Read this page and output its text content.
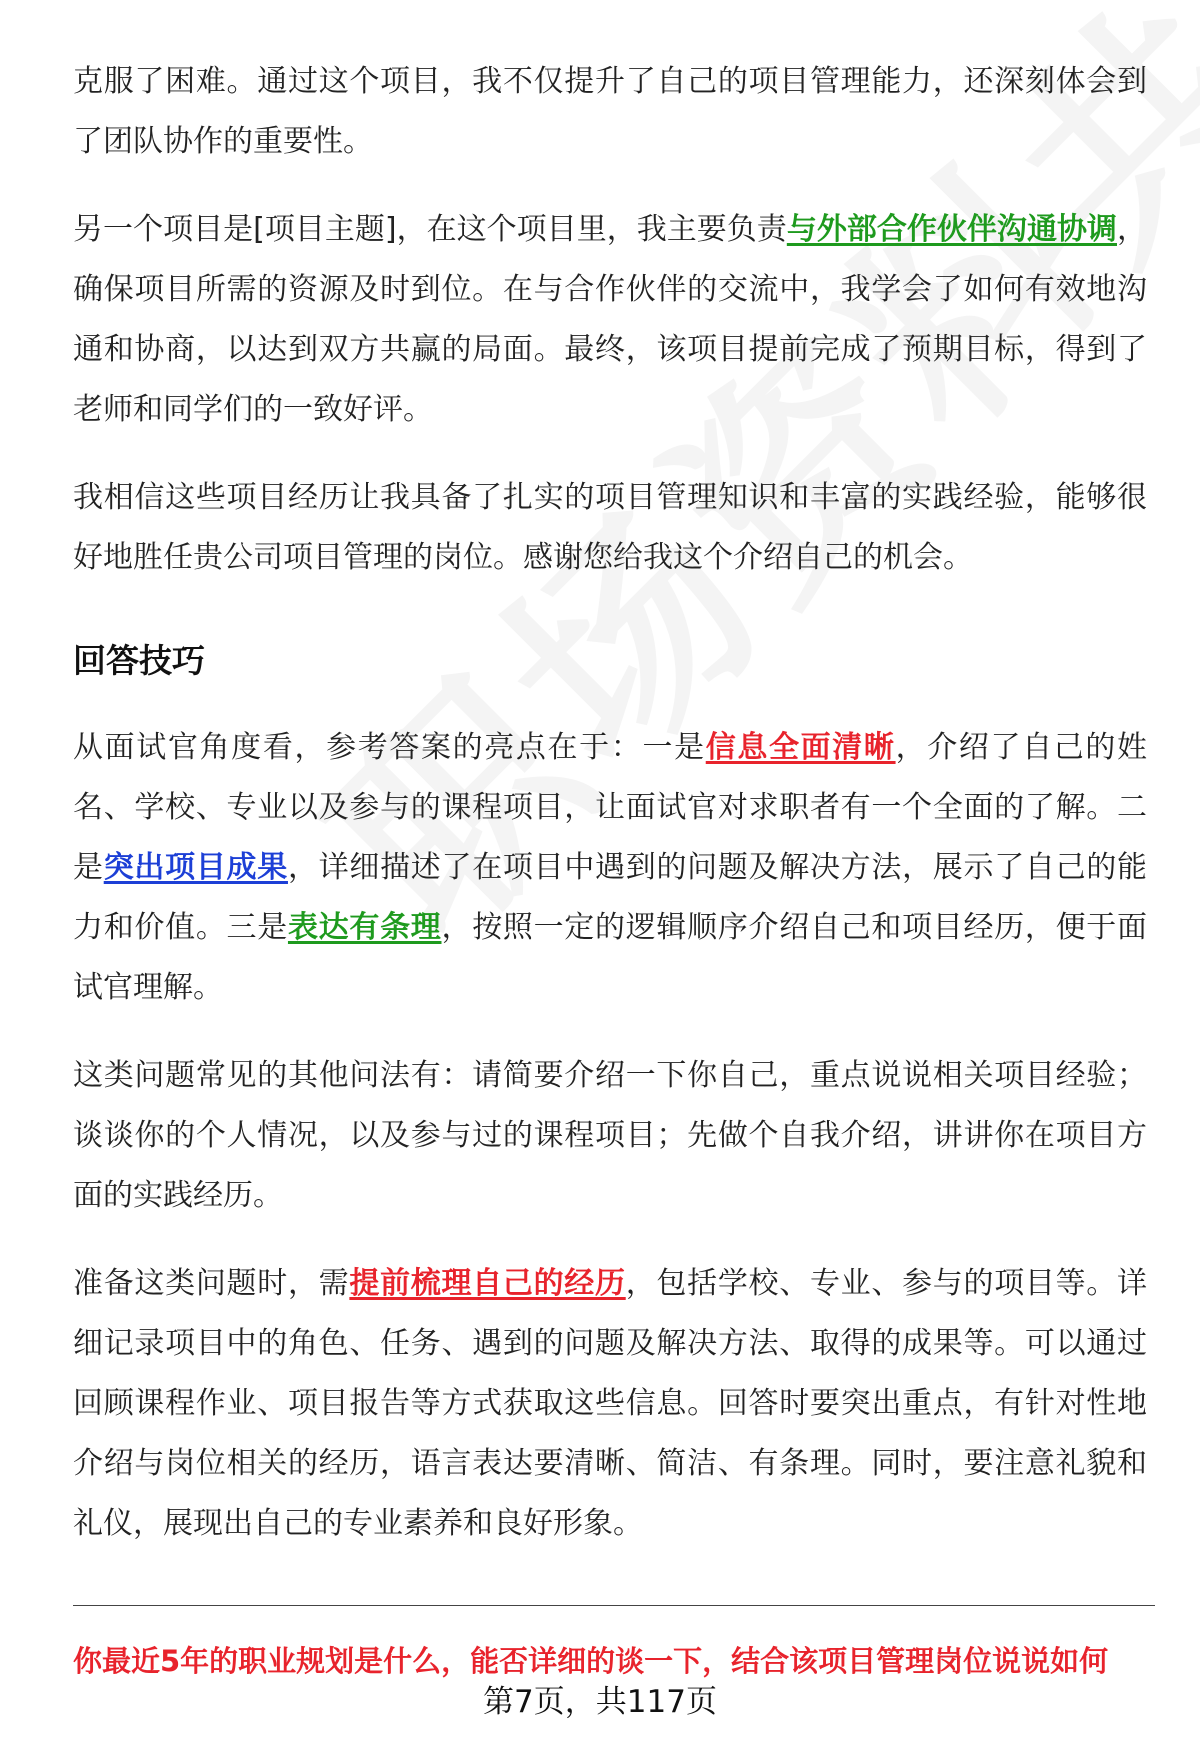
克服了困难。通过这个项目，我不仅提升了自己的项目管理能力，还深刻体会到了团队协作的重要性。

另一个项目是[项目主题]，在这个项目里，我主要负责与外部合作伙伴沟通协调，确保项目所需的资源及时到位。在与合作伙伴的交流中，我学会了如何有效地沟通和协商，以达到双方共赢的局面。最终，该项目提前完成了预期目标，得到了老师和同学们的一致好评。

我相信这些项目经历让我具备了扎实的项目管理知识和丰富的实践经验，能够很好地胜任贵公司项目管理的岗位。感谢您给我这个介绍自己的机会。

回答技巧

从面试官角度看，参考答案的亮点在于：一是信息全面清晰，介绍了自己的姓名、学校、专业以及参与的课程项目，让面试官对求职者有一个全面的了解。二是突出项目成果，详细描述了在项目中遇到的问题及解决方法，展示了自己的能力和价值。三是表达有条理，按照一定的逻辑顺序介绍自己和项目经历，便于面试官理解。

这类问题常见的其他问法有：请简要介绍一下你自己，重点说说相关项目经验；谈谈你的个人情况，以及参与过的课程项目；先做个自我介绍，讲讲你在项目方面的实践经历。

准备这类问题时，需提前梳理自己的经历，包括学校、专业、参与的项目等。详细记录项目中的角色、任务、遇到的问题及解决方法、取得的成果等。可以通过回顾课程作业、项目报告等方式获取这些信息。回答时要突出重点，有针对性地介绍与岗位相关的经历，语言表达要清晰、简洁、有条理。同时，要注意礼貌和礼仪，展现出自己的专业素养和良好形象。

你最近5年的职业规划是什么，能否详细的谈一下，结合该项目管理岗位说说如何
第7页，共117页
